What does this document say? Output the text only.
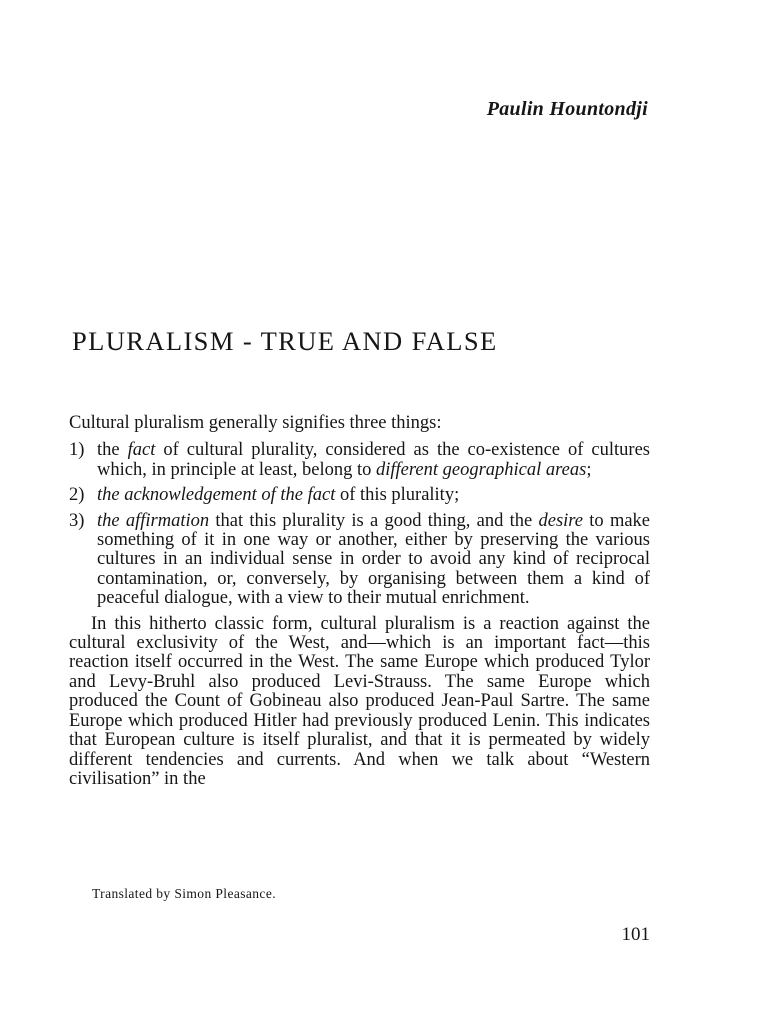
Paulin Hountondji
PLURALISM - TRUE AND FALSE

Cultural pluralism generally signifies three things:

1) the fact of cultural plurality, considered as the co-existence of cultures which, in principle at least, belong to different geographical areas;
2) the acknowledgement of the fact of this plurality;
3) the affirmation that this plurality is a good thing, and the desire to make something of it in one way or another, either by preserving the various cultures in an individual sense in order to avoid any kind of reciprocal contamination, or, conversely, by organising between them a kind of peaceful dialogue, with a view to their mutual enrichment.

In this hitherto classic form, cultural pluralism is a reaction against the cultural exclusivity of the West, and—which is an important fact—this reaction itself occurred in the West. The same Europe which produced Tylor and Levy-Bruhl also produced Levi-Strauss. The same Europe which produced the Count of Gobineau also produced Jean-Paul Sartre. The same Europe which produced Hitler had previously produced Lenin. This indicates that European culture is itself pluralist, and that it is permeated by widely different tendencies and currents. And when we talk about “Western civilisation” in the

Translated by Simon Pleasance.
101
